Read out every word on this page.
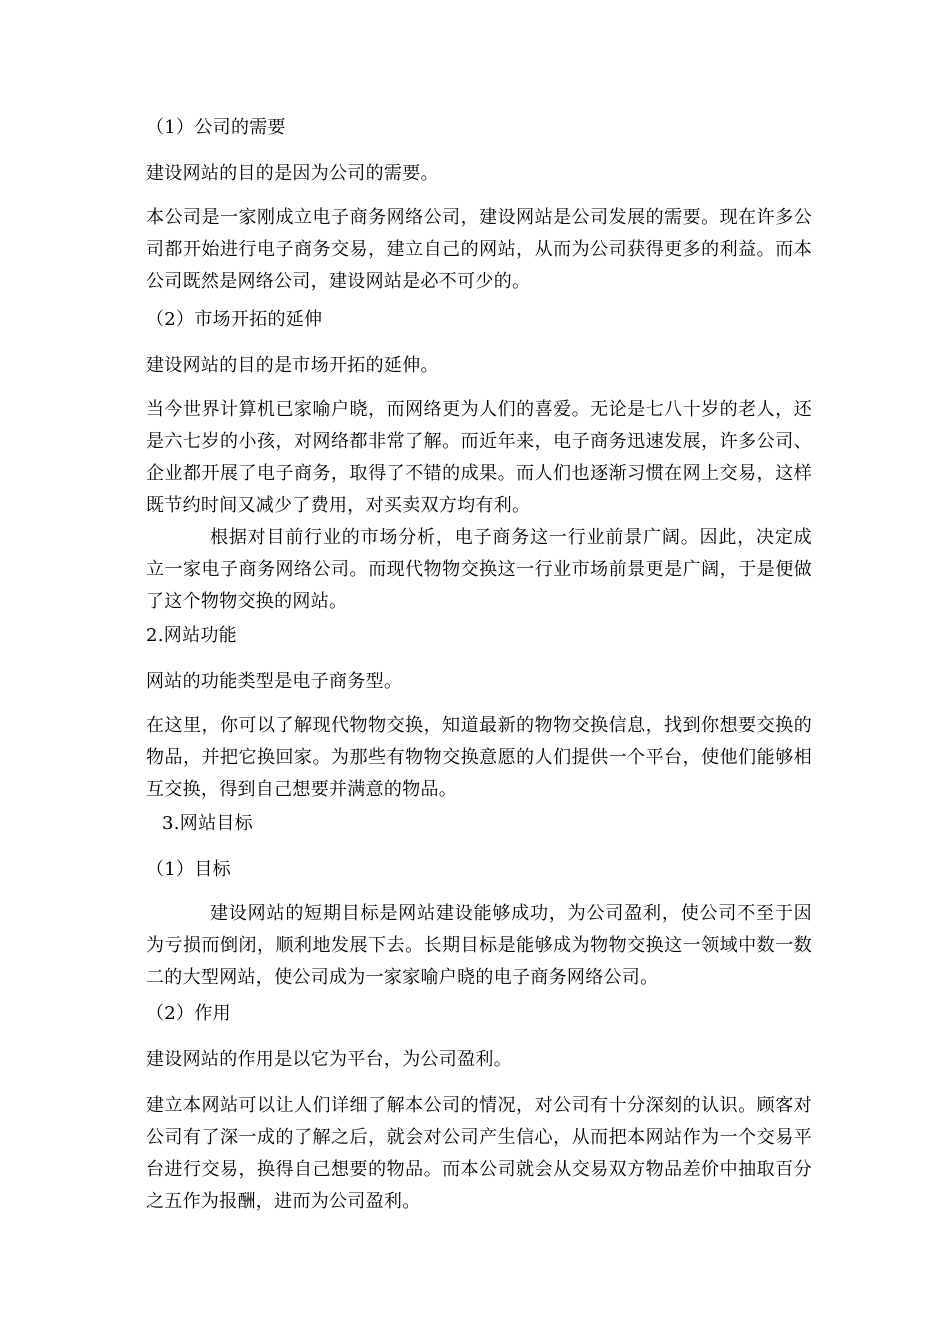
（1）公司的需要
建设网站的目的是因为公司的需要。
本公司是一家刚成立电子商务网络公司，建设网站是公司发展的需要。现在许多公司都开始进行电子商务交易，建立自己的网站，从而为公司获得更多的利益。而本公司既然是网络公司，建设网站是必不可少的。
（2）市场开拓的延伸
建设网站的目的是市场开拓的延伸。
当今世界计算机已家喻户晓，而网络更为人们的喜爱。无论是七八十岁的老人，还是六七岁的小孩，对网络都非常了解。而近年来，电子商务迅速发展，许多公司、企业都开展了电子商务，取得了不错的成果。而人们也逐渐习惯在网上交易，这样既节约时间又减少了费用，对买卖双方均有利。
根据对目前行业的市场分析，电子商务这一行业前景广阔。因此，决定成立一家电子商务网络公司。而现代物物交换这一行业市场前景更是广阔，于是便做了这个物物交换的网站。
2.网站功能
网站的功能类型是电子商务型。
在这里，你可以了解现代物物交换，知道最新的物物交换信息，找到你想要交换的物品，并把它换回家。为那些有物物交换意愿的人们提供一个平台，使他们能够相互交换，得到自己想要并满意的物品。
3.网站目标
（1）目标
建设网站的短期目标是网站建设能够成功，为公司盈利，使公司不至于因为亏损而倒闭，顺利地发展下去。长期目标是能够成为物物交换这一领域中数一数二的大型网站，使公司成为一家家喻户晓的电子商务网络公司。
（2）作用
建设网站的作用是以它为平台，为公司盈利。
建立本网站可以让人们详细了解本公司的情况，对公司有十分深刻的认识。顾客对公司有了深一成的了解之后，就会对公司产生信心，从而把本网站作为一个交易平台进行交易，换得自己想要的物品。而本公司就会从交易双方物品差价中抽取百分之五作为报酬，进而为公司盈利。
